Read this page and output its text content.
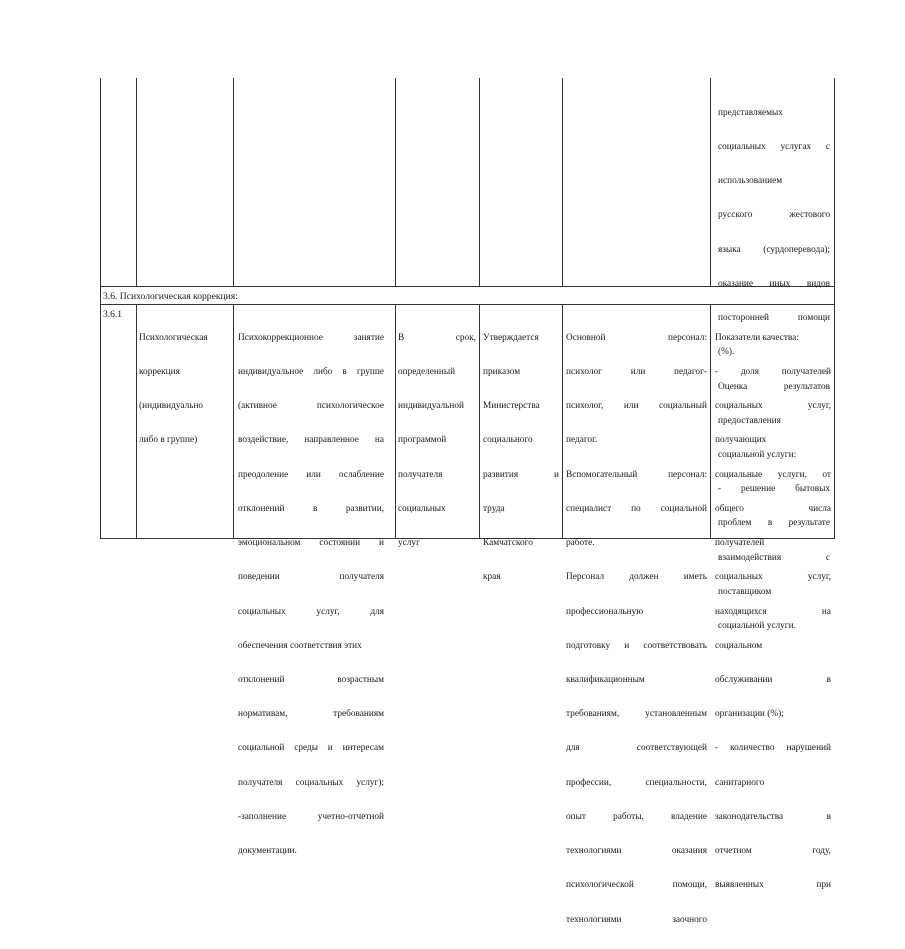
представляемых

социальных услугах с

использованием

русского жестового

языка (сурдоперевода);

оказание иных видов

посторонней помощи

(%).

Оценка результатов

предоставления

социальной услуги:

- решение бытовых

проблем в результате

взаимодействия с

поставщиком

социальной услуги.

3.6. Психологическая коррекция:
3.6.1

Психологическая

коррекция

(индивидуально

либо в группе)

Психокоррекционное занятие

индивидуальное либо в группе

(активное психологическое

воздействие, направленное на

преодоление или ослабление

отклонений в развитии,

эмоциональном состоянии и

поведении получателя

социальных услуг, для

обеспечения соответствия этих

отклонений возрастным

нормативам, требованиям

социальной среды и интересам

получателя социальных услуг);

-заполнение учетно-отчетной

документации.

В срок,

определенный

индивидуальной

программой

получателя

социальных

услуг

Утверждается

приказом

Министерства

социального

развития и

труда

Камчатского

края

Основной персонал:

психолог или педагог-

психолог, или социальный

педагог.

Вспомогательный персонал:

специалист по социальной

работе.

Персонал должен иметь

профессиональную

подготовку и соответствовать

квалификационным

требованиям, установленным

для соответствующей

профессии, специальности,

опыт работы, владение

технологиями оказания

психологической помощи,

технологиями заочного

Показатели качества:

- доля получателей

социальных услуг,

получающих

социальные услуги, от

общего числа

получателей

социальных услуг,

находящихся на

социальном

обслуживании в

организации (%);

- количество нарушений

санитарного

законодательства в

отчетном году,

выявленных при
